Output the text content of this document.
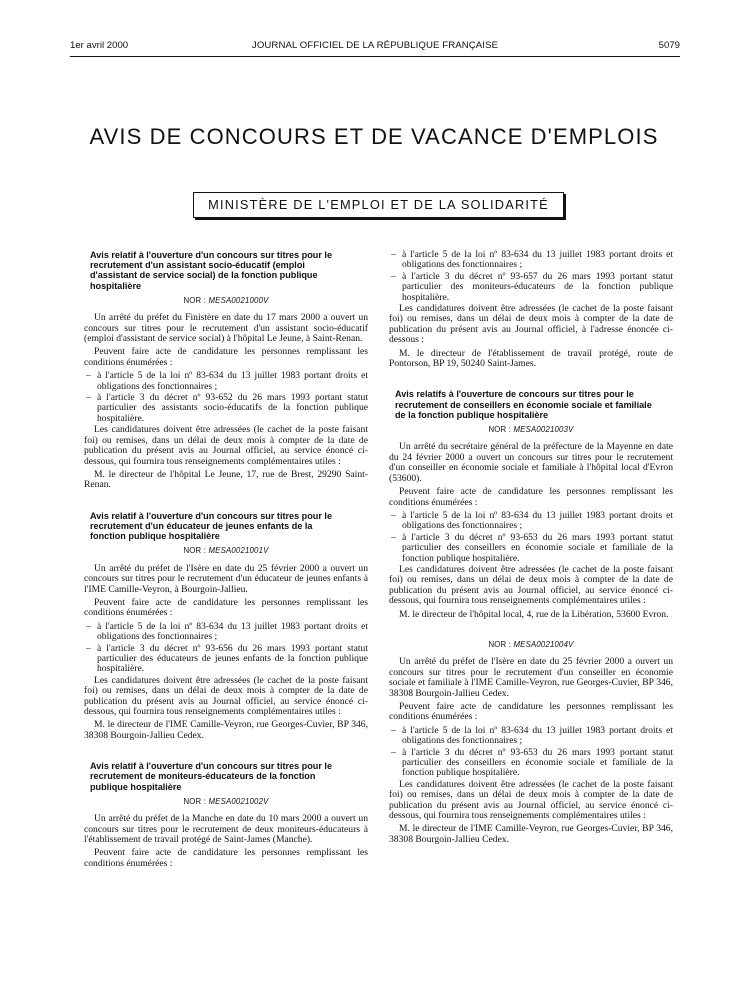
1er avril 2000	JOURNAL OFFICIEL DE LA RÉPUBLIQUE FRANÇAISE	5079
AVIS DE CONCOURS ET DE VACANCE D'EMPLOIS
MINISTÈRE DE L'EMPLOI ET DE LA SOLIDARITÉ
Avis relatif à l'ouverture d'un concours sur titres pour le recrutement d'un assistant socio-éducatif (emploi d'assistant de service social) de la fonction publique hospitalière
NOR : MESA0021000V

Un arrêté du préfet du Finistère en date du 17 mars 2000 a ouvert un concours sur titres pour le recrutement d'un assistant socio-éducatif (emploi d'assistant de service social) à l'hôpital Le Jeune, à Saint-Renan.

Peuvent faire acte de candidature les personnes remplissant les conditions énumérées :

– à l'article 5 de la loi nº 83-634 du 13 juillet 1983 portant droits et obligations des fonctionnaires ;
– à l'article 3 du décret nº 93-652 du 26 mars 1993 portant statut particulier des assistants socio-éducatifs de la fonction publique hospitalière.

Les candidatures doivent être adressées (le cachet de la poste faisant foi) ou remises, dans un délai de deux mois à compter de la date de publication du présent avis au Journal officiel, au service énoncé ci-dessous, qui fournira tous renseignements complémentaires utiles :

M. le directeur de l'hôpital Le Jeune, 17, rue de Brest, 29290 Saint-Renan.

Avis relatif à l'ouverture d'un concours sur titres pour le recrutement d'un éducateur de jeunes enfants de la fonction publique hospitalière
NOR : MESA0021001V

Un arrêté du préfet de l'Isère en date du 25 février 2000 a ouvert un concours sur titres pour le recrutement d'un éducateur de jeunes enfants à l'IME Camille-Veyron, à Bourgoin-Jallieu.

Peuvent faire acte de candidature les personnes remplissant les conditions énumérées :

– à l'article 5 de la loi nº 83-634 du 13 juillet 1983 portant droits et obligations des fonctionnaires ;
– à l'article 3 du décret nº 93-656 du 26 mars 1993 portant statut particulier des éducateurs de jeunes enfants de la fonction publique hospitalière.

Les candidatures doivent être adressées (le cachet de la poste faisant foi) ou remises, dans un délai de deux mois à compter de la date de publication du présent avis au Journal officiel, au service énoncé ci-dessous, qui fournira tous renseignements complémentaires utiles :

M. le directeur de l'IME Camille-Veyron, rue Georges-Cuvier, BP 346, 38308 Bourgoin-Jallieu Cedex.

Avis relatif à l'ouverture d'un concours sur titres pour le recrutement de moniteurs-éducateurs de la fonction publique hospitalière
NOR : MESA0021002V

Un arrêté du préfet de la Manche en date du 10 mars 2000 a ouvert un concours sur titres pour le recrutement de deux moniteurs-éducateurs à l'établissement de travail protégé de Saint-James (Manche).

Peuvent faire acte de candidature les personnes remplissant les conditions énumérées :

– à l'article 5 de la loi nº 83-634 du 13 juillet 1983 portant droits et obligations des fonctionnaires ;
– à l'article 3 du décret nº 93-657 du 26 mars 1993 portant statut particulier des moniteurs-éducateurs de la fonction publique hospitalière.

Les candidatures doivent être adressées (le cachet de la poste faisant foi) ou remises, dans un délai de deux mois à compter de la date de publication du présent avis au Journal officiel, à l'adresse énoncée ci-dessous :

M. le directeur de l'établissement de travail protégé, route de Pontorson, BP 19, 50240 Saint-James.

Avis relatifs à l'ouverture de concours sur titres pour le recrutement de conseillers en économie sociale et familiale de la fonction publique hospitalière
NOR : MESA0021003V

Un arrêté du secrétaire général de la préfecture de la Mayenne en date du 24 février 2000 a ouvert un concours sur titres pour le recrutement d'un conseiller en économie sociale et familiale à l'hôpital local d'Evron (53600).

Peuvent faire acte de candidature les personnes remplissant les conditions énumérées :

– à l'article 5 de la loi nº 83-634 du 13 juillet 1983 portant droits et obligations des fonctionnaires ;
– à l'article 3 du décret nº 93-653 du 26 mars 1993 portant statut particulier des conseillers en économie sociale et familiale de la fonction publique hospitalière.

Les candidatures doivent être adressées (le cachet de la poste faisant foi) ou remises, dans un délai de deux mois à compter de la date de publication du présent avis au Journal officiel, au service énoncé ci-dessous, qui fournira tous renseignements complémentaires utiles :

M. le directeur de l'hôpital local, 4, rue de la Libération, 53600 Evron.

NOR : MESA0021004V

Un arrêté du préfet de l'Isère en date du 25 février 2000 a ouvert un concours sur titres pour le recrutement d'un conseiller en économie sociale et familiale à l'IME Camille-Veyron, rue Georges-Cuvier, BP 346, 38308 Bourgoin-Jallieu Cedex.

Peuvent faire acte de candidature les personnes remplissant les conditions énumérées :

– à l'article 5 de la loi nº 83-634 du 13 juillet 1983 portant droits et obligations des fonctionnaires ;
– à l'article 3 du décret nº 93-653 du 26 mars 1993 portant statut particulier des conseillers en économie sociale et familiale de la fonction publique hospitalière.

Les candidatures doivent être adressées (le cachet de la poste faisant foi) ou remises, dans un délai de deux mois à compter de la date de publication du présent avis au Journal officiel, au service énoncé ci-dessous, qui fournira tous renseignements complémentaires utiles :

M. le directeur de l'IME Camille-Veyron, rue Georges-Cuvier, BP 346, 38308 Bourgoin-Jallieu Cedex.
